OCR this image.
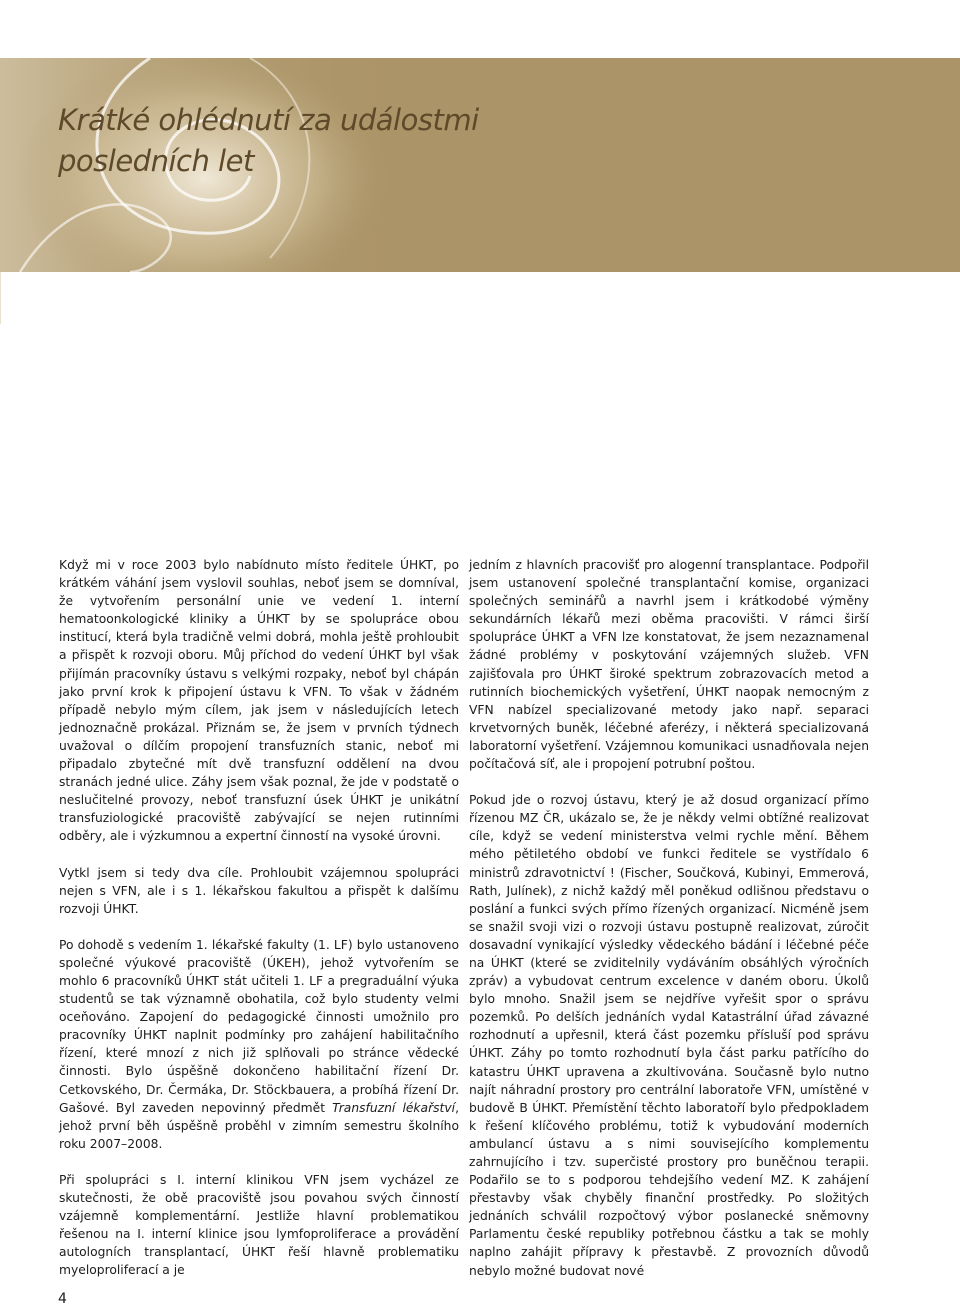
Krátké ohlédnutí za událostmi
posledních let

Když mi v roce 2003 bylo nabídnuto místo ředitele ÚHKT, po krátkém váhání jsem vyslovil souhlas, neboť jsem se domníval, že vytvořením personální unie ve vedení 1. interní hematoonkologické kliniky a ÚHKT by se spolupráce obou institucí, která byla tradičně velmi dobrá, mohla ještě prohloubit a přispět k rozvoji oboru. Můj příchod do vedení ÚHKT byl však přijímán pracovníky ústavu s velkými rozpaky, neboť byl chápán jako první krok k připojení ústavu k VFN. To však v žádném případě nebylo mým cílem, jak jsem v následujících letech jednoznačně prokázal. Přiznám se, že jsem v prvních týdnech uvažoval o dílčím propojení transfuzních stanic, neboť mi připadalo zbytečné mít dvě transfuzní oddělení na dvou stranách jedné ulice. Záhy jsem však poznal, že jde v podstatě o neslučitelné provozy, neboť transfuzní úsek ÚHKT je unikátní transfuziologické pracoviště zabývající se nejen rutinními odběry, ale i výzkumnou a expertní činností na vysoké úrovni.

Vytkl jsem si tedy dva cíle. Prohloubit vzájemnou spolupráci nejen s VFN, ale i s 1. lékařskou fakultou a přispět k dalšímu rozvoji ÚHKT.

Po dohodě s vedením 1. lékařské fakulty (1. LF) bylo ustanoveno společné výukové pracoviště (ÚKEH), jehož vytvořením se mohlo 6 pracovníků ÚHKT stát učiteli 1. LF a pregraduální výuka studentů se tak významně obohatila, což bylo studenty velmi oceňováno. Zapojení do pedagogické činnosti umožnilo pro pracovníky ÚHKT naplnit podmínky pro zahájení habilitačního řízení, které mnozí z nich již splňovali po stránce vědecké činnosti. Bylo úspěšně dokončeno habilitační řízení Dr. Cetkovského, Dr. Čermáka, Dr. Stöckbauera, a probíhá řízení Dr. Gašové. Byl zaveden nepovinný předmět Transfuzní lékařství, jehož první běh úspěšně proběhl v zimním semestru školního roku 2007–2008.

Při spolupráci s I. interní klinikou VFN jsem vycházel ze skutečnosti, že obě pracoviště jsou povahou svých činností vzájemně komplementární. Jestliže hlavní problematikou řešenou na I. interní klinice jsou lymfoproliferace a provádění autologních transplantací, ÚHKT řeší hlavně problematiku myeloproliferací a je

jedním z hlavních pracovišť pro alogenní transplantace. Podpořil jsem ustanovení společné transplantační komise, organizaci společných seminářů a navrhl jsem i krátkodobé výměny sekundárních lékařů mezi oběma pracovišti. V rámci širší spolupráce ÚHKT a VFN lze konstatovat, že jsem nezaznamenal žádné problémy v poskytování vzájemných služeb. VFN zajišťovala pro ÚHKT široké spektrum zobrazovacích metod a rutinních biochemických vyšetření, ÚHKT naopak nemocným z VFN nabízel specializované metody jako např. separaci krvetvorných buněk, léčebné aferézy, i některá specializovaná laboratorní vyšetření. Vzájemnou komunikaci usnadňovala nejen počítačová síť, ale i propojení potrubní poštou.

Pokud jde o rozvoj ústavu, který je až dosud organizací přímo řízenou MZ ČR, ukázalo se, že je někdy velmi obtížné realizovat cíle, když se vedení ministerstva velmi rychle mění. Během mého pětiletého období ve funkci ředitele se vystřídalo 6 ministrů zdravotnictví ! (Fischer, Součková, Kubinyi, Emmerová, Rath, Julínek), z nichž každý měl poněkud odlišnou představu o poslání a funkci svých přímo řízených organizací. Nicméně jsem se snažil svoji vizi o rozvoji ústavu postupně realizovat, zúročit dosavadní vynikající výsledky vědeckého bádání i léčebné péče na ÚHKT (které se zviditelnily vydáváním obsáhlých výročních zpráv) a vybudovat centrum excelence v daném oboru. Úkolů bylo mnoho. Snažil jsem se nejdříve vyřešit spor o správu pozemků. Po delších jednáních vydal Katastrální úřad závazné rozhodnutí a upřesnil, která část pozemku přísluší pod správu ÚHKT. Záhy po tomto rozhodnutí byla část parku patřícího do katastru ÚHKT upravena a zkultivována. Současně bylo nutno najít náhradní prostory pro centrální laboratoře VFN, umístěné v budově B ÚHKT. Přemístění těchto laboratoří bylo předpokladem k řešení klíčového problému, totiž k vybudování moderních ambulancí ústavu a s nimi souvisejícího komplementu zahrnujícího i tzv. superčisté prostory pro buněčnou terapii. Podařilo se to s podporou tehdejšího vedení MZ. K zahájení přestavby však chyběly finanční prostředky. Po složitých jednáních schválil rozpočtový výbor poslanecké sněmovny Parlamentu české republiky potřebnou částku a tak se mohly naplno zahájit přípravy k přestavbě. Z provozních důvodů nebylo možné budovat nové

4
